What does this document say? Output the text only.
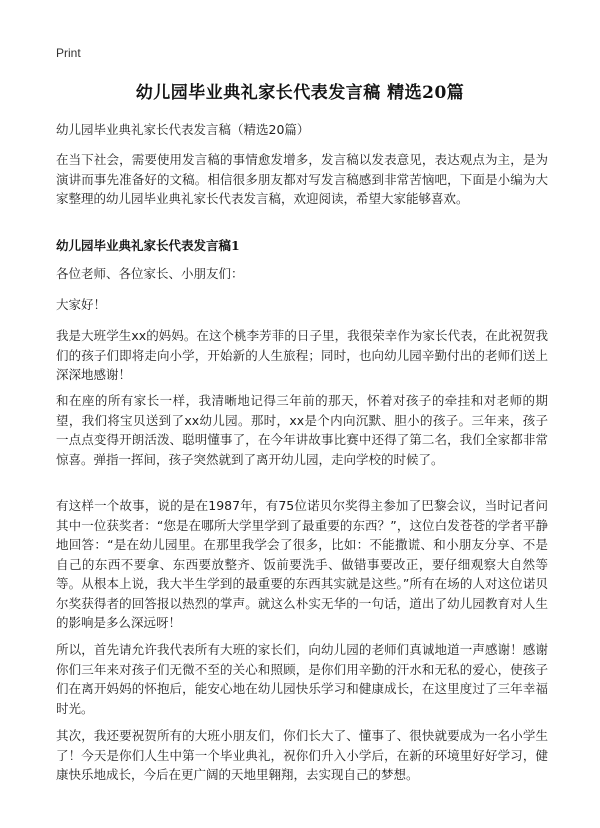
Print
幼儿园毕业典礼家长代表发言稿 精选20篇
幼儿园毕业典礼家长代表发言稿（精选20篇）

在当下社会，需要使用发言稿的事情愈发增多，发言稿以发表意见，表达观点为主，是为演讲而事先准备好的文稿。相信很多朋友都对写发言稿感到非常苦恼吧，下面是小编为大家整理的幼儿园毕业典礼家长代表发言稿，欢迎阅读，希望大家能够喜欢。

幼儿园毕业典礼家长代表发言稿1

各位老师、各位家长、小朋友们：

大家好！

我是大班学生xx的妈妈。在这个桃李芳菲的日子里，我很荣幸作为家长代表，在此祝贺我们的孩子们即将走向小学，开始新的人生旅程；同时，也向幼儿园辛勤付出的老师们送上深深地感谢！

和在座的所有家长一样，我清晰地记得三年前的那天，怀着对孩子的牵挂和对老师的期望，我们将宝贝送到了xx幼儿园。那时，xx是个内向沉默、胆小的孩子。三年来，孩子一点点变得开朗活泼、聪明懂事了，在今年讲故事比赛中还得了第二名，我们全家都非常惊喜。弹指一挥间，孩子突然就到了离开幼儿园，走向学校的时候了。

有这样一个故事，说的是在1987年，有75位诺贝尔奖得主参加了巴黎会议，当时记者问其中一位获奖者：“您是在哪所大学里学到了最重要的东西？”，这位白发苍苍的学者平静地回答：“是在幼儿园里。在那里我学会了很多，比如：不能撒谎、和小朋友分享、不是自己的东西不要拿、东西要放整齐、饭前要洗手、做错事要改正，要仔细观察大自然等等。从根本上说，我大半生学到的最重要的东西其实就是这些。”所有在场的人对这位诺贝尔奖获得者的回答报以热烈的掌声。就这么朴实无华的一句话，道出了幼儿园教育对人生的影响是多么深远呀！

所以，首先请允许我代表所有大班的家长们，向幼儿园的老师们真诚地道一声感谢！感谢你们三年来对孩子们无微不至的关心和照顾，是你们用辛勤的汗水和无私的爱心，使孩子们在离开妈妈的怀抱后，能安心地在幼儿园快乐学习和健康成长，在这里度过了三年幸福时光。

其次，我还要祝贺所有的大班小朋友们，你们长大了、懂事了、很快就要成为一名小学生了！今天是你们人生中第一个毕业典礼，祝你们升入小学后，在新的环境里好好学习，健康快乐地成长，今后在更广阔的天地里翱翔，去实现自己的梦想。
